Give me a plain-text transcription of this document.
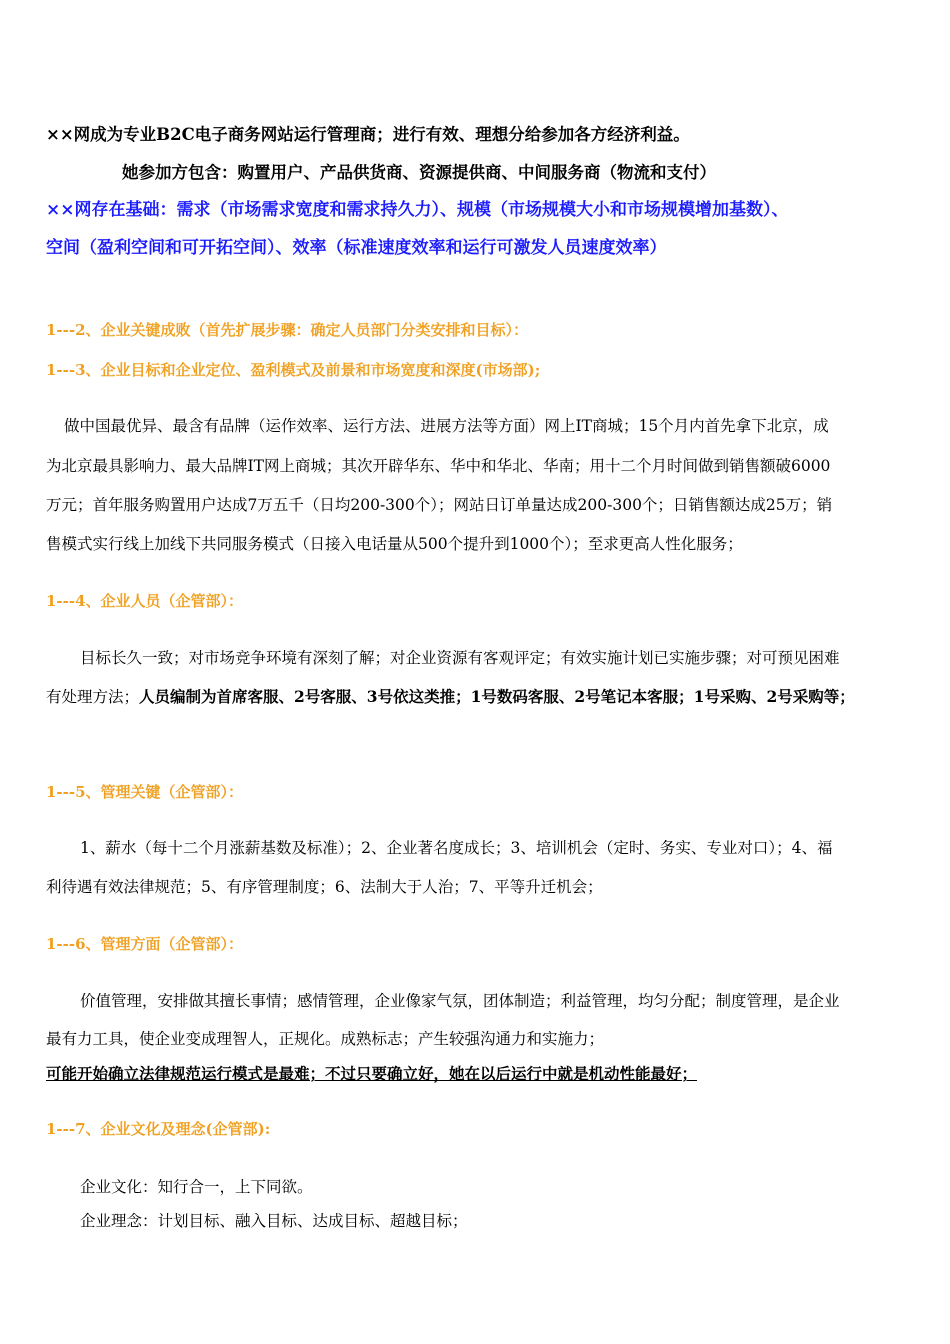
××网成为专业B2C电子商务网站运行管理商；进行有效、理想分给参加各方经济利益。
她参加方包含：购置用户、产品供货商、资源提供商、中间服务商（物流和支付）
××网存在基础：需求（市场需求宽度和需求持久力）、规模（市场规模大小和市场规模增加基数）、
空间（盈利空间和可开拓空间）、效率（标准速度效率和运行可激发人员速度效率）
1---2、企业关键成败（首先扩展步骤：确定人员部门分类安排和目标）：
1---3、企业目标和企业定位、盈利模式及前景和市场宽度和深度(市场部);
做中国最优异、最含有品牌（运作效率、运行方法、进展方法等方面）网上IT商城；15个月内首先拿下北京，成
为北京最具影响力、最大品牌IT网上商城；其次开辟华东、华中和华北、华南；用十二个月时间做到销售额破6000
万元；首年服务购置用户达成7万五千（日均200-300个）；网站日订单量达成200-300个；日销售额达成25万；销
售模式实行线上加线下共同服务模式（日接入电话量从500个提升到1000个）；至求更高人性化服务；
1---4、企业人员（企管部）：
目标长久一致；对市场竞争环境有深刻了解；对企业资源有客观评定；有效实施计划已实施步骤；对可预见困难
有处理方法；人员编制为首席客服、2号客服、3号依这类推；1号数码客服、2号笔记本客服；1号采购、2号采购等；
1---5、管理关键（企管部）：
1、薪水（每十二个月涨薪基数及标准）；2、企业著名度成长；3、培训机会（定时、务实、专业对口）；4、福
利待遇有效法律规范；5、有序管理制度；6、法制大于人治；7、平等升迁机会；
1---6、管理方面（企管部）：
价值管理，安排做其擅长事情；感情管理，企业像家气氛，团体制造；利益管理，均匀分配；制度管理，是企业
最有力工具，使企业变成理智人，正规化。成熟标志；产生较强沟通力和实施力；
可能开始确立法律规范运行模式是最难；不过只要确立好，她在以后运行中就是机动性能最好；
1---7、企业文化及理念(企管部):
企业文化：知行合一，上下同欲。
企业理念：计划目标、融入目标、达成目标、超越目标；
